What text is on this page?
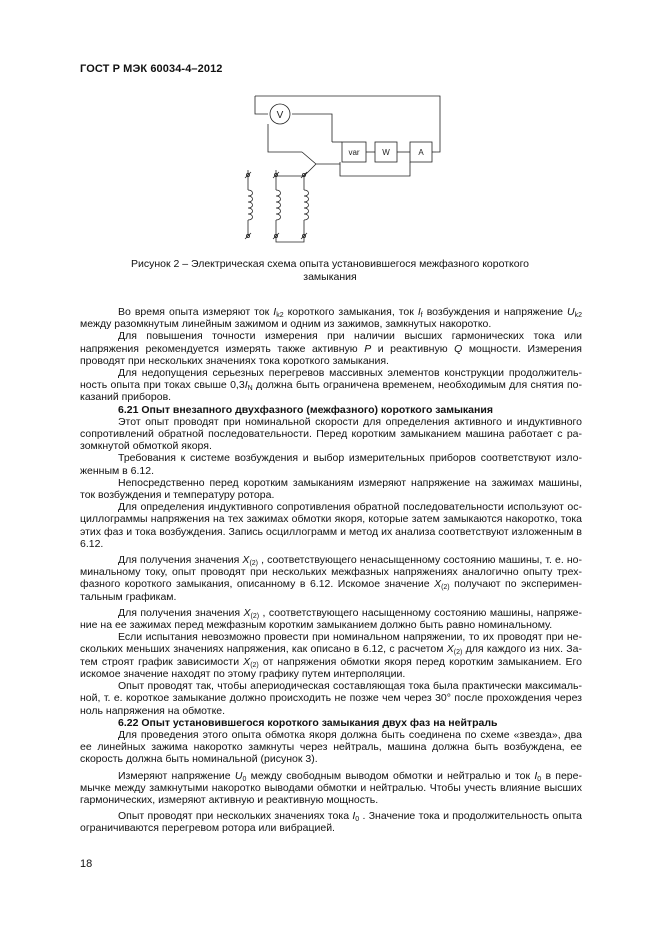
ГОСТ Р МЭК 60034-4–2012
V
var	W	A
Рисунок 2 – Электрическая схема опыта установившегося межфазного короткого
замыкания

Во время опыта измеряют ток $I_{k2}$ короткого замыкания, ток $I_f$ возбуждения и напряжение $U_{k2}$ между разомкнутым линейным зажимом и одним из зажимов, замкнутых накоротко.

Для повышения точности измерения при наличии высших гармонических тока или напряжения рекомендуется измерять также активную P и реактивную Q мощности. Измерения проводят при нескольких значениях тока короткого замыкания.

Для недопущения серьезных перегревов массивных элементов конструкции продолжительность опыта при токах свыше $0,3I_N$ должна быть ограничена временем, необходимым для снятия показаний приборов.

6.21 Опыт внезапного двухфазного (межфазного) короткого замыкания

Этот опыт проводят при номинальной скорости для определения активного и индуктивного сопротивлений обратной последовательности. Перед коротким замыканием машина работает с разомкнутой обмоткой якоря.

Требования к системе возбуждения и выбор измерительных приборов соответствуют изложенным в 6.12.

Непосредственно перед коротким замыканиям измеряют напряжение на зажимах машины, ток возбуждения и температуру ротора.

Для определения индуктивного сопротивления обратной последовательности используют осциллограммы напряжения на тех зажимах обмотки якоря, которые затем замыкаются накоротко, тока этих фаз и тока возбуждения. Запись осциллограмм и метод их анализа соответствуют изложенным в 6.12.

Для получения значения $X_{(2)}$ , соответствующего ненасыщенному состоянию машины, т. е. номинальному току, опыт проводят при нескольких межфазных напряжениях аналогично опыту трехфазного короткого замыкания, описанному в 6.12. Искомое значение $X_{(2)}$ получают по экспериментальным графикам.

Для получения значения $X_{(2)}$ , соответствующего насыщенному состоянию машины, напряжение на ее зажимах перед межфазным коротким замыканием должно быть равно номинальному.

Если испытания невозможно провести при номинальном напряжении, то их проводят при нескольких меньших значениях напряжения, как описано в 6.12, с расчетом $X_{(2)}$ для каждого из них. Затем строят график зависимости $X_{(2)}$ от напряжения обмотки якоря перед коротким замыканием. Его искомое значение находят по этому графику путем интерполяции.

Опыт проводят так, чтобы апериодическая составляющая тока была практически максимальной, т. е. короткое замыкание должно происходить не позже чем через 30° после прохождения через ноль напряжения на обмотке.

6.22 Опыт установившегося короткого замыкания двух фаз на нейтраль

Для проведения этого опыта обмотка якоря должна быть соединена по схеме «звезда», два ее линейных зажима накоротко замкнуты через нейтраль, машина должна быть возбуждена, ее скорость должна быть номинальной (рисунок 3).

Измеряют напряжение $U_0$ между свободным выводом обмотки и нейтралью и ток $I_0$ в перемычке между замкнутыми накоротко выводами обмотки и нейтралью. Чтобы учесть влияние высших гармонических, измеряют активную и реактивную мощность.

Опыт проводят при нескольких значениях тока $I_0$ . Значение тока и продолжительность опыта ограничиваются перегревом ротора или вибрацией.

18
